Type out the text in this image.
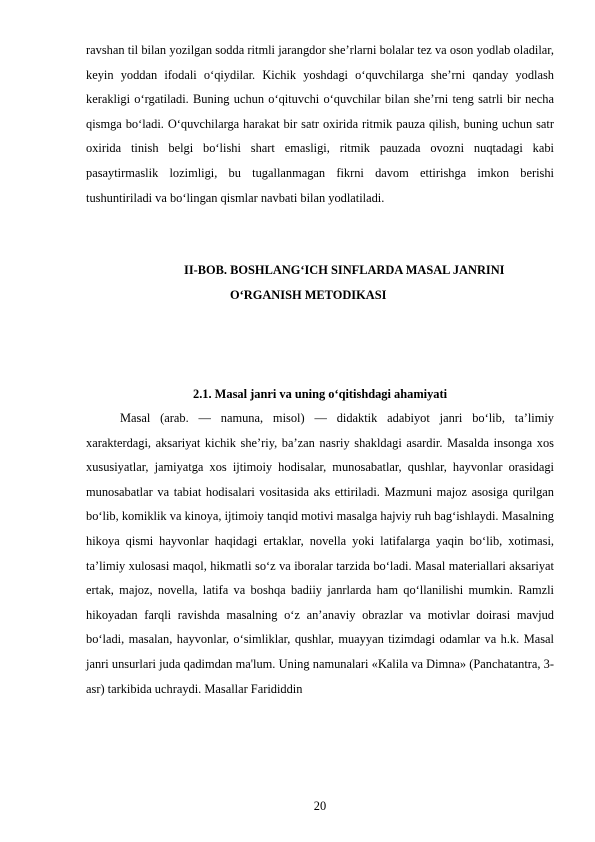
ravshan til bilan yozilgan sodda ritmli jarangdor she’rlarni bolalar tez va oson yodlab oladilar, keyin yoddan ifodali o‘qiydilar. Kichik yoshdagi o‘quvchilarga she’rni qanday yodlash kerakligi o‘rgatiladi. Buning uchun o‘qituvchi o‘quvchilar bilan she’rni teng satrli bir necha qismga bo‘ladi. O‘quvchilarga harakat bir satr oxirida ritmik pauza qilish, buning uchun satr oxirida tinish belgi bo‘lishi shart emasligi, ritmik pauzada ovozni nuqtadagi kabi pasaytirmaslik lozimligi, bu tugallanmagan fikrni davom ettirishga imkon berishi tushuntiriladi va bo‘lingan qismlar navbati bilan yodlatiladi.

II-BOB. BOSHLANG‘ICH SINFLARDA MASAL JANRINI
O‘RGANISH METODIKASI
2.1. Masal janri va uning o‘qitishdagi ahamiyati

Masal (arab. — namuna, misol) — didaktik adabiyot janri bo‘lib, ta’limiy xarakterdagi, aksariyat kichik she’riy, ba’zan nasriy shakldagi asardir. Masalda insonga xos xususiyatlar, jamiyatga xos ijtimoiy hodisalar, munosabatlar, qushlar, hayvonlar orasidagi munosabatlar va tabiat hodisalari vositasida aks ettiriladi. Mazmuni majoz asosiga qurilgan bo‘lib, komiklik va kinoya, ijtimoiy tanqid motivi masalga hajviy ruh bag‘ishlaydi. Masalning hikoya qismi hayvonlar haqidagi ertaklar, novella yoki latifalarga yaqin bo‘lib, xotimasi, ta’limiy xulosasi maqol, hikmatli so‘z va iboralar tarzida bo‘ladi. Masal materiallari aksariyat ertak, majoz, novella, latifa va boshqa badiiy janrlarda ham qo‘llanilishi mumkin. Ramzli hikoyadan farqli ravishda masalning o‘z an’anaviy obrazlar va motivlar doirasi mavjud bo‘ladi, masalan, hayvonlar, o‘simliklar, qushlar, muayyan tizimdagi odamlar va h.k. Masal janri unsurlari juda qadimdan ma'lum. Uning namunalari «Kalila va Dimna» (Panchatantra, 3-asr) tarkibida uchraydi. Masallar Farididdin

20
